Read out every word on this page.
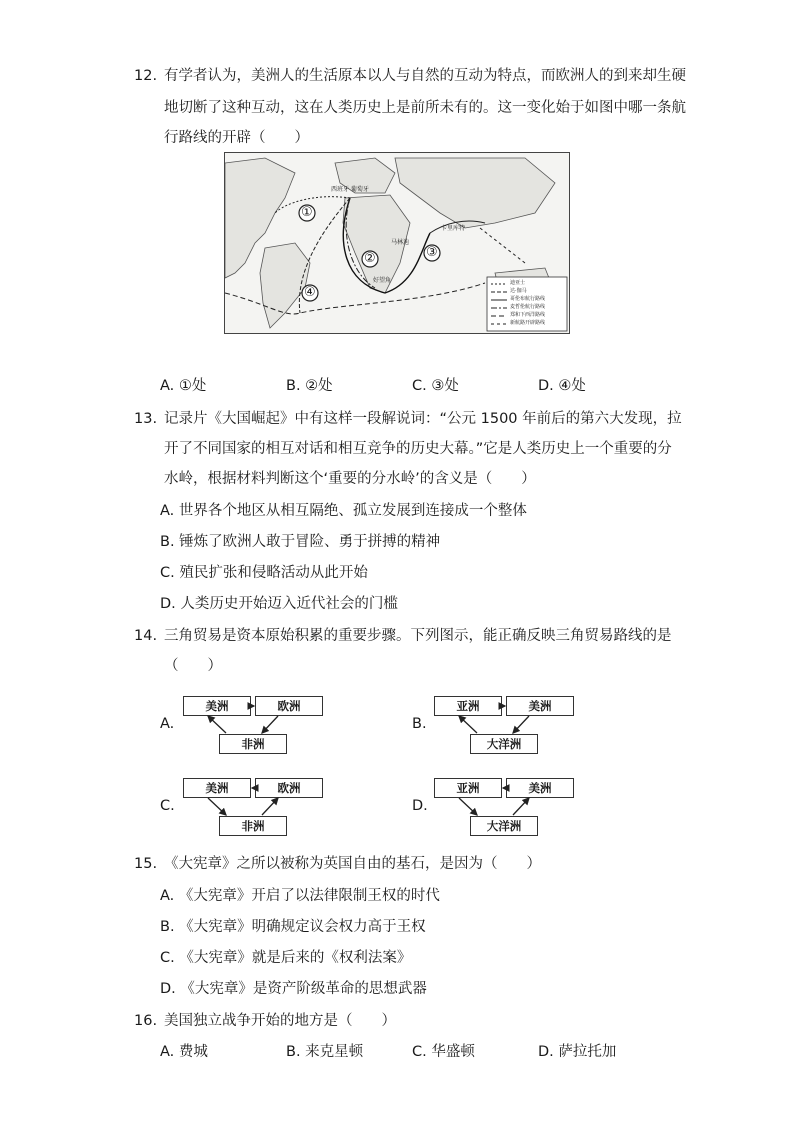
12. 有学者认为，美洲人的生活原本以人与自然的互动为特点，而欧洲人的到来却生硬
地切断了这种互动，这在人类历史上是前所未有的。这一变化始于如图中哪一条航
行路线的开辟（　　）
①
②	③
④
西班牙 葡萄牙
马林迪
卡里库特
好望角	迪亚士
达·伽马
哥伦布航行路线
麦哲伦航行路线
郑和下西洋路线
新航路开辟路线
A. ①处	B. ②处	C. ③处	D. ④处
13. 记录片《大国崛起》中有这样一段解说词：“公元 1500 年前后的第六大发现，拉
开了不同国家的相互对话和相互竞争的历史大幕。”它是人类历史上一个重要的分
水岭，根据材料判断这个‘重要的分水岭’的含义是（　　）
A. 世界各个地区从相互隔绝、孤立发展到连接成一个整体
B. 锤炼了欧洲人敢于冒险、勇于拼搏的精神
C. 殖民扩张和侵略活动从此开始
D. 人类历史开始迈入近代社会的门槛
14. 三角贸易是资本原始积累的重要步骤。下列图示，能正确反映三角贸易路线的是
（　　）
A.
美洲	欧洲
非洲
B.
亚洲	美洲
大洋洲
C.
美洲	欧洲
非洲
D.
亚洲	美洲
大洋洲
15. 《大宪章》之所以被称为英国自由的基石，是因为（　　）
A. 《大宪章》开启了以法律限制王权的时代
B. 《大宪章》明确规定议会权力高于王权
C. 《大宪章》就是后来的《权利法案》
D. 《大宪章》是资产阶级革命的思想武器
16. 美国独立战争开始的地方是（　　）
A. 费城	B. 来克星顿	C. 华盛顿	D. 萨拉托加
